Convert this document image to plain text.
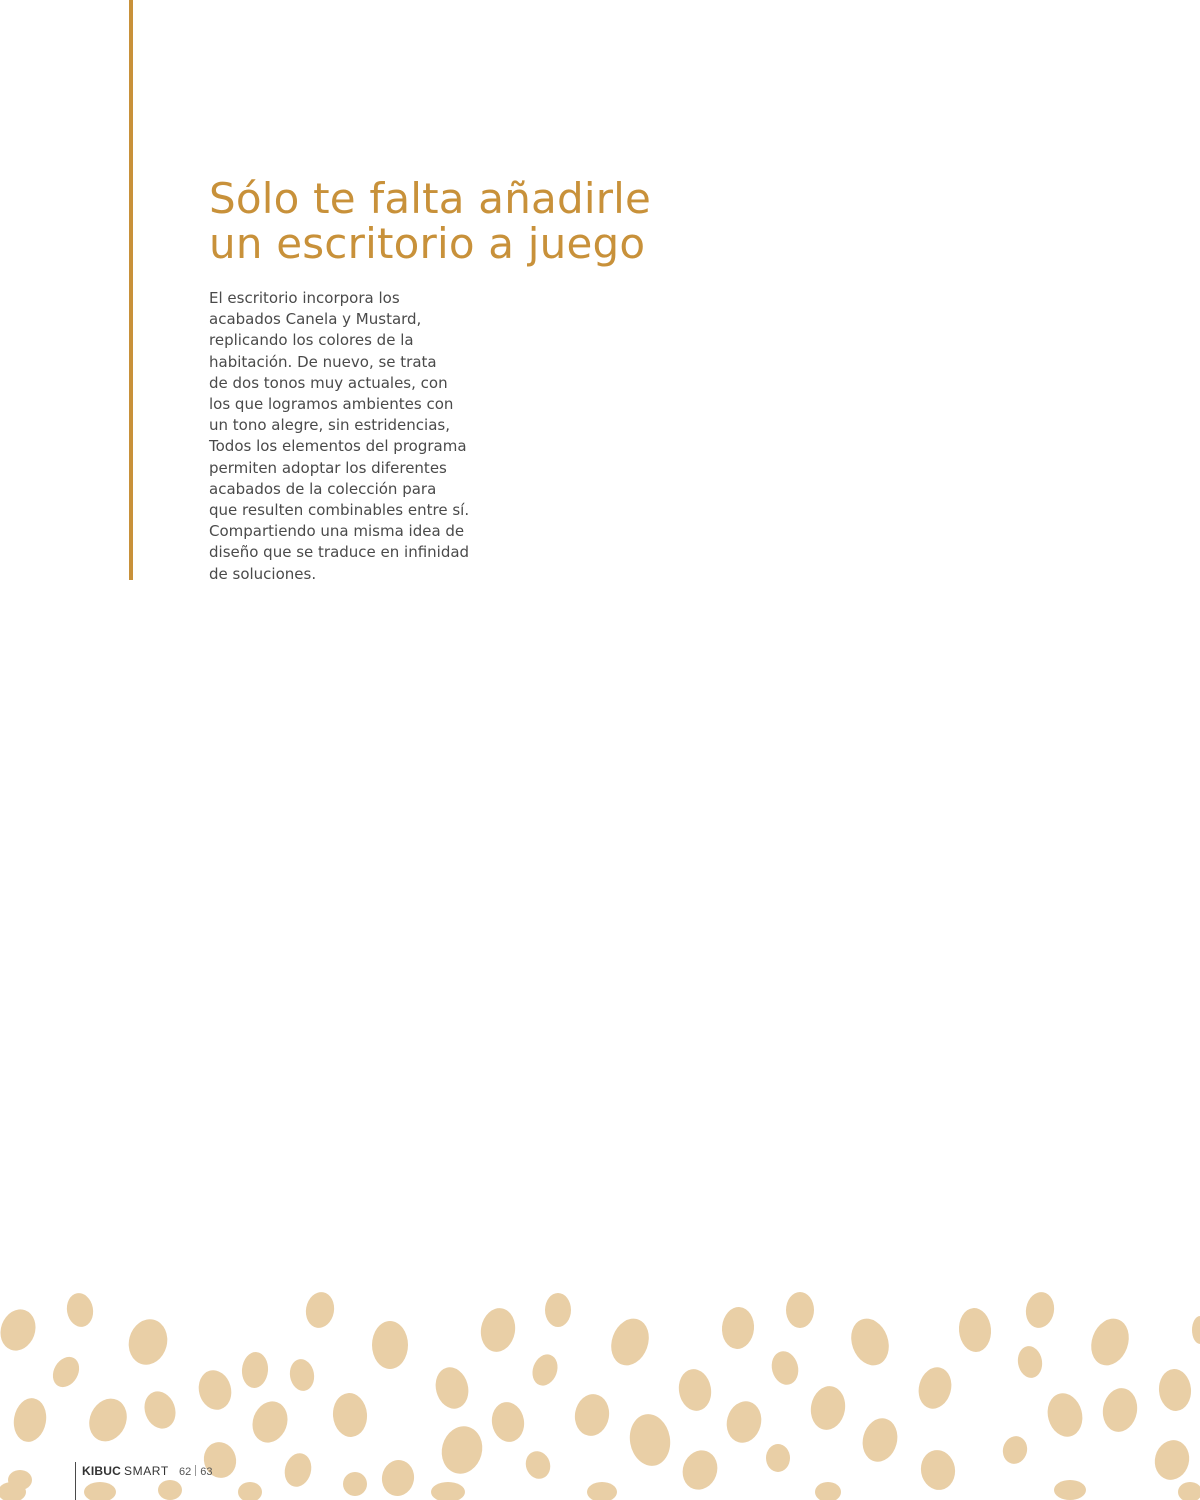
Sólo te falta añadirle
un escritorio a juego

El escritorio incorpora los
acabados Canela y Mustard,
replicando los colores de la
habitación. De nuevo, se trata
de dos tonos muy actuales, con
los que logramos ambientes con
un tono alegre, sin estridencias,
Todos los elementos del programa
permiten adoptar los diferentes
acabados de la colección para
que resulten combinables entre sí.
Compartiendo una misma idea de
diseño que se traduce en infinidad
de soluciones.

KIBUC SMART 62 63
